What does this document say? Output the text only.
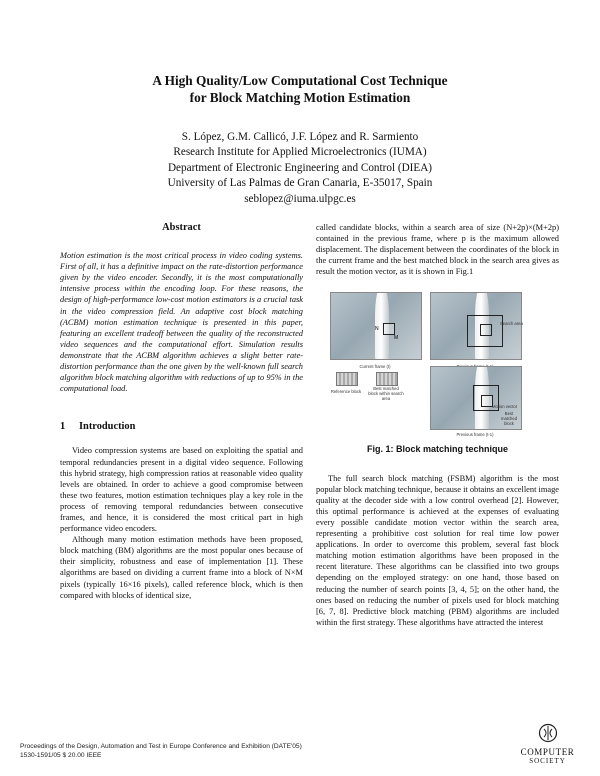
A High Quality/Low Computational Cost Technique
for Block Matching Motion Estimation
S. López, G.M. Callicó, J.F. López and R. Sarmiento
Research Institute for Applied Microelectronics (IUMA)
Department of Electronic Engineering and Control (DIEA)
University of Las Palmas de Gran Canaria, E-35017, Spain
seblopez@iuma.ulpgc.es
Abstract

Motion estimation is the most critical process in video coding systems. First of all, it has a definitive impact on the rate-distortion performance given by the video encoder. Secondly, it is the most computationally intensive process within the encoding loop. For these reasons, the design of high-performance low-cost motion estimators is a crucial task in the video compression field. An adaptive cost block matching (ACBM) motion estimation technique is presented in this paper, featuring an excellent tradeoff between the quality of the reconstructed video sequences and the computational effort. Simulation results demonstrate that the ACBM algorithm achieves a slight better rate-distortion performance than the one given by the well-known full search algorithm block matching algorithm with reductions of up to 95% in the computational load.

1 Introduction

Video compression systems are based on exploiting the spatial and temporal redundancies present in a digital video sequence. Following this hybrid strategy, high compression ratios at reasonable video quality levels are obtained. In order to achieve a good compromise between these two features, motion estimation techniques play a key role in the process of removing temporal redundancies between consecutive frames, and hence, it is considered the most critical part in high performance video encoders.

Although many motion estimation methods have been proposed, block matching (BM) algorithms are the most popular ones because of their simplicity, robustness and ease of implementation [1]. These algorithms are based on dividing a current frame into a block of N×M pixels (typically 16×16 pixels), called reference block, which is then compared with blocks of identical size,

called candidate blocks, within a search area of size (N+2p)×(M+2p) contained in the previous frame, where p is the maximum allowed displacement. The displacement between the coordinates of the block in the current frame and the best matched block in the search area gives as result the motion vector, as it is shown in Fig.1

N
M
Current frame (t)
Search area
Reference block
Best matched block within search area
Motion vector
Best matched block
Previous frame (t-1)
Fig. 1: Block matching technique

The full search block matching (FSBM) algorithm is the most popular block matching technique, because it obtains an excellent image quality at the decoder side with a low control overhead [2]. However, this optimal performance is achieved at the expenses of evaluating every possible candidate motion vector within the search area, representing a prohibitive cost solution for real time low power applications. In order to overcome this problem, several fast block matching motion estimation algorithms have been proposed in the recent literature. These algorithms can be classified into two groups depending on the employed strategy: on one hand, those based on reducing the number of search points [3, 4, 5]; on the other hand, the ones based on reducing the number of pixels used for block matching [6, 7, 8]. Predictive block matching (PBM) algorithms are included within the first strategy. These algorithms have attracted the interest

Proceedings of the Design, Automation and Test in Europe Conference and Exhibition (DATE'05)
1530-1591/05 $ 20.00 IEEE	COMPUTER
SOCIETY
